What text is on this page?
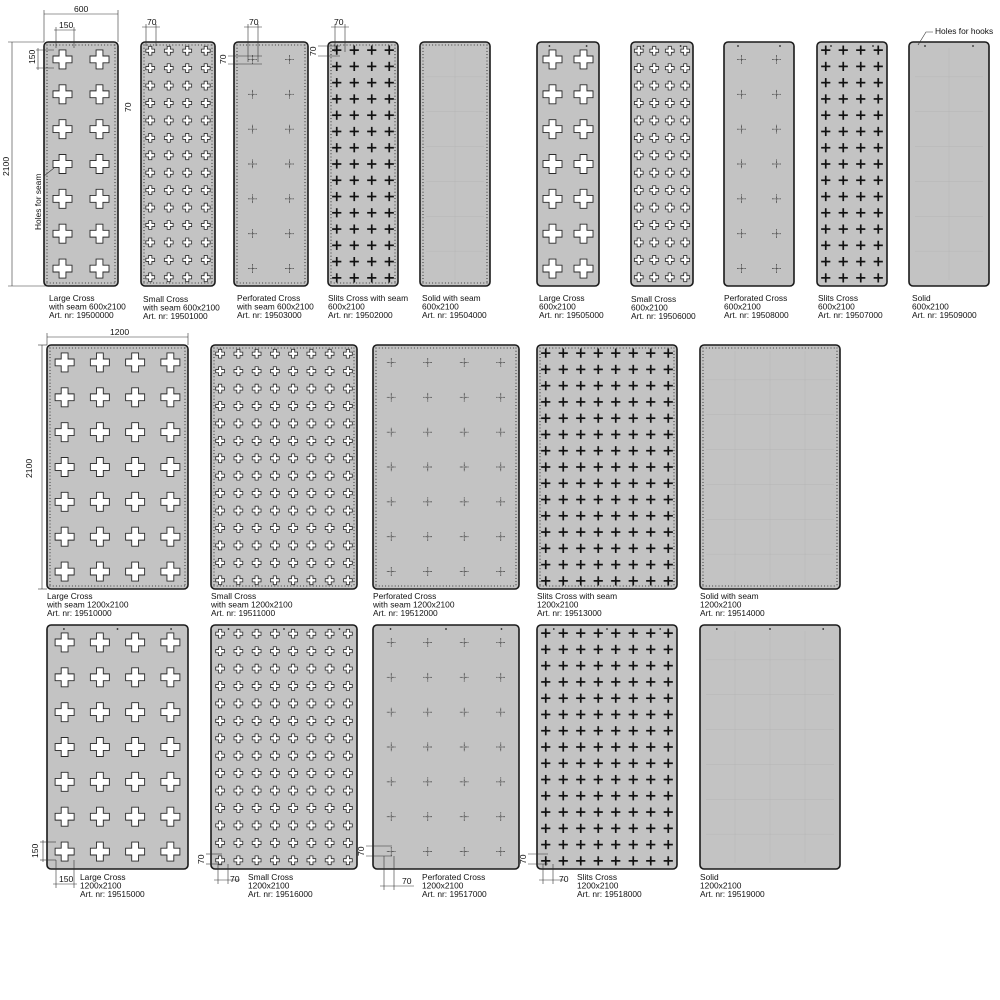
Large Cross
with seam 600x2100
Art. nr: 19500000
Small Cross
with seam 600x2100
Art. nr: 19501000
Perforated Cross
with seam 600x2100
Art. nr: 19503000
Slits Cross with seam
600x2100
Art. nr: 19502000
Solid with seam
600x2100
Art. nr: 19504000
Large Cross
600x2100
Art. nr: 19505000
Small Cross
600x2100
Art. nr: 19506000
Perforated Cross
600x2100
Art. nr: 19508000
Slits Cross
600x2100
Art. nr: 19507000
Solid
600x2100
Art. nr: 19509000
Large Cross
with seam 1200x2100
Art. nr: 19510000
Small Cross
with seam 1200x2100
Art. nr: 19511000
Perforated Cross
with seam 1200x2100
Art. nr: 19512000
Slits Cross with seam
1200x2100
Art. nr: 19513000
Solid with seam
1200x2100
Art. nr: 19514000
Large Cross
1200x2100
Art. nr: 19515000
Small Cross
1200x2100
Art. nr: 19516000
Perforated Cross
1200x2100
Art. nr: 19517000
Slits Cross
1200x2100
Art. nr: 19518000
Solid
1200x2100
Art. nr: 19519000
600
2100
150
150
70
70
70
70
70
70
Holes for seam
Holes for hooks
1200
2100
150
150
70
70
70
70
70
70
